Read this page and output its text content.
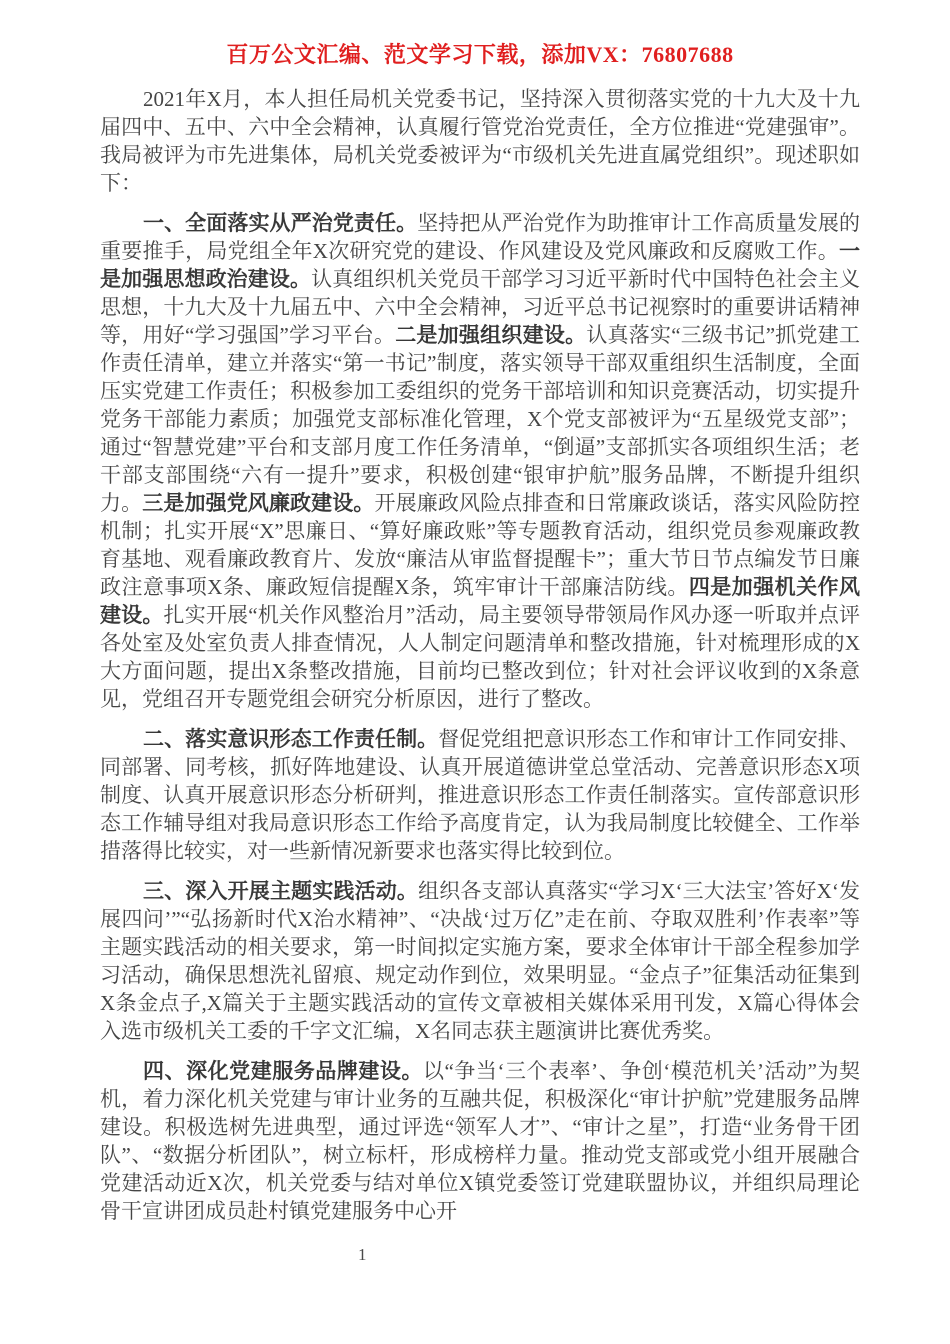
百万公文汇编、范文学习下载，添加VX：76807688

2021年X月，本人担任局机关党委书记，坚持深入贯彻落实党的十九大及十九届四中、五中、六中全会精神，认真履行管党治党责任，全方位推进“党建强审”。我局被评为市先进集体，局机关党委被评为“市级机关先进直属党组织”。现述职如下：

一、全面落实从严治党责任。坚持把从严治党作为助推审计工作高质量发展的重要推手，局党组全年X次研究党的建设、作风建设及党风廉政和反腐败工作。一是加强思想政治建设。认真组织机关党员干部学习习近平新时代中国特色社会主义思想，十九大及十九届五中、六中全会精神，习近平总书记视察时的重要讲话精神等，用好“学习强国”学习平台。二是加强组织建设。认真落实“三级书记”抓党建工作责任清单，建立并落实“第一书记”制度，落实领导干部双重组织生活制度，全面压实党建工作责任；积极参加工委组织的党务干部培训和知识竞赛活动，切实提升党务干部能力素质；加强党支部标准化管理，X个党支部被评为“五星级党支部”；通过“智慧党建”平台和支部月度工作任务清单，“倒逼”支部抓实各项组织生活；老干部支部围绕“六有一提升”要求，积极创建“银审护航”服务品牌，不断提升组织力。三是加强党风廉政建设。开展廉政风险点排查和日常廉政谈话，落实风险防控机制；扎实开展“X”思廉日、“算好廉政账”等专题教育活动，组织党员参观廉政教育基地、观看廉政教育片、发放“廉洁从审监督提醒卡”；重大节日节点编发节日廉政注意事项X条、廉政短信提醒X条，筑牢审计干部廉洁防线。四是加强机关作风建设。扎实开展“机关作风整治月”活动，局主要领导带领局作风办逐一听取并点评各处室及处室负责人排查情况，人人制定问题清单和整改措施，针对梳理形成的X大方面问题，提出X条整改措施，目前均已整改到位；针对社会评议收到的X条意见，党组召开专题党组会研究分析原因，进行了整改。

二、落实意识形态工作责任制。督促党组把意识形态工作和审计工作同安排、同部署、同考核，抓好阵地建设、认真开展道德讲堂总堂活动、完善意识形态X项制度、认真开展意识形态分析研判，推进意识形态工作责任制落实。宣传部意识形态工作辅导组对我局意识形态工作给予高度肯定，认为我局制度比较健全、工作举措落得比较实，对一些新情况新要求也落实得比较到位。

三、深入开展主题实践活动。组织各支部认真落实“学习X‘三大法宝’答好X‘发展四问’”“弘扬新时代X治水精神”、“决战‘过万亿”走在前、夺取双胜利’作表率”等主题实践活动的相关要求，第一时间拟定实施方案，要求全体审计干部全程参加学习活动，确保思想洗礼留痕、规定动作到位，效果明显。“金点子”征集活动征集到X条金点子,X篇关于主题实践活动的宣传文章被相关媒体采用刊发，X篇心得体会入选市级机关工委的千字文汇编，X名同志获主题演讲比赛优秀奖。

四、深化党建服务品牌建设。以“争当‘三个表率’、争创‘模范机关’活动”为契机，着力深化机关党建与审计业务的互融共促，积极深化“审计护航”党建服务品牌建设。积极选树先进典型，通过评选“领军人才”、“审计之星”，打造“业务骨干团队”、“数据分析团队”，树立标杆，形成榜样力量。推动党支部或党小组开展融合党建活动近X次，机关党委与结对单位X镇党委签订党建联盟协议，并组织局理论骨干宣讲团成员赴村镇党建服务中心开

1
